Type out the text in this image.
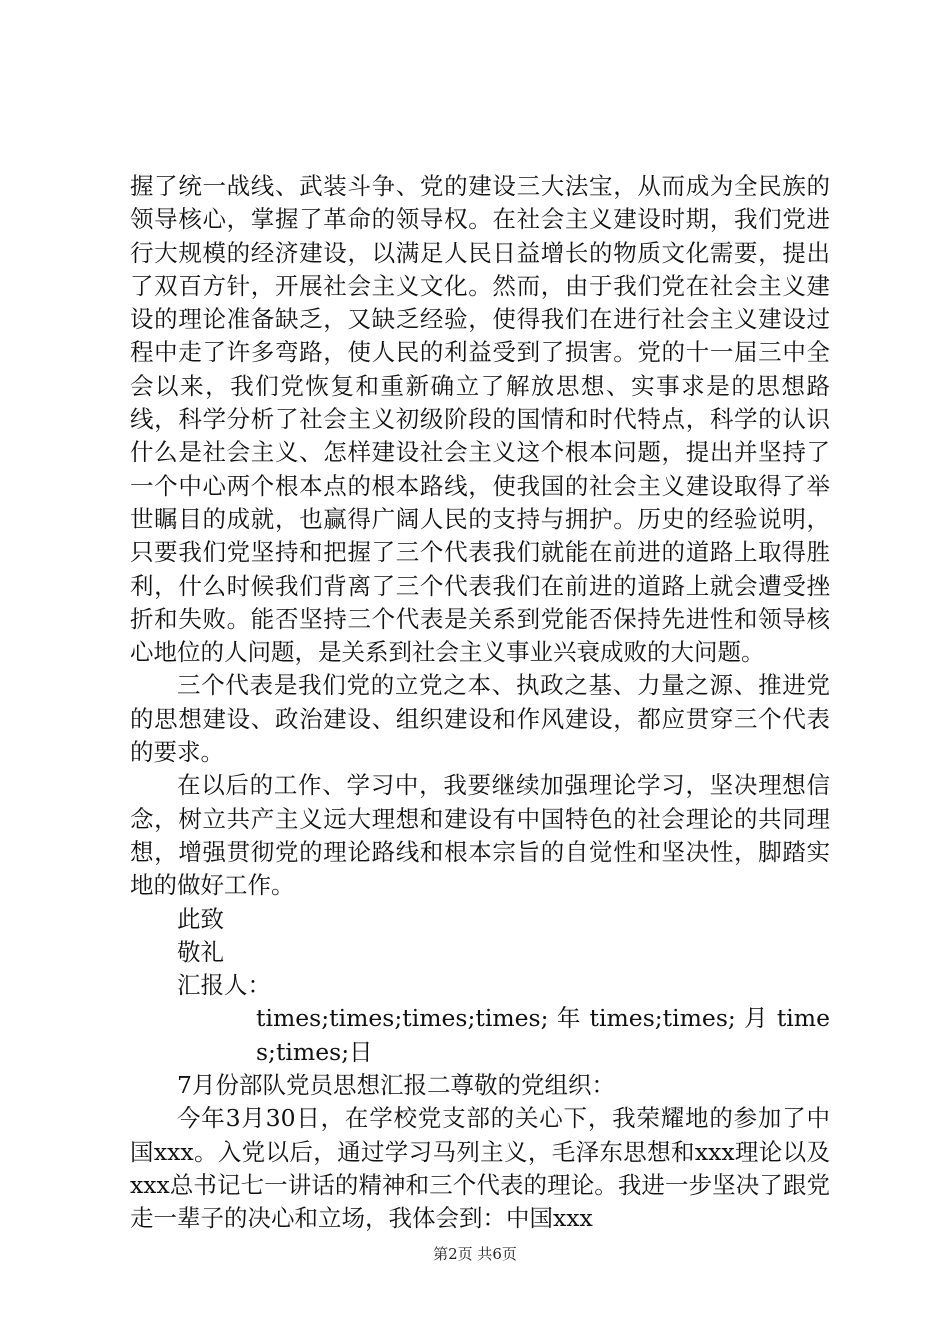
握了统一战线、武装斗争、党的建设三大法宝，从而成为全民族的领导核心，掌握了革命的领导权。在社会主义建设时期，我们党进行大规模的经济建设，以满足人民日益增长的物质文化需要，提出了双百方针，开展社会主义文化。然而，由于我们党在社会主义建设的理论准备缺乏，又缺乏经验，使得我们在进行社会主义建设过程中走了许多弯路，使人民的利益受到了损害。党的十一届三中全会以来，我们党恢复和重新确立了解放思想、实事求是的思想路线，科学分析了社会主义初级阶段的国情和时代特点，科学的认识什么是社会主义、怎样建设社会主义这个根本问题，提出并坚持了一个中心两个根本点的根本路线，使我国的社会主义建设取得了举世瞩目的成就，也赢得广阔人民的支持与拥护。历史的经验说明，只要我们党坚持和把握了三个代表我们就能在前进的道路上取得胜利，什么时候我们背离了三个代表我们在前进的道路上就会遭受挫折和失败。能否坚持三个代表是关系到党能否保持先进性和领导核心地位的人问题，是关系到社会主义事业兴衰成败的大问题。

三个代表是我们党的立党之本、执政之基、力量之源、推进党的思想建设、政治建设、组织建设和作风建设，都应贯穿三个代表的要求。

在以后的工作、学习中，我要继续加强理论学习，坚决理想信念，树立共产主义远大理想和建设有中国特色的社会理论的共同理想，增强贯彻党的理论路线和根本宗旨的自觉性和坚决性，脚踏实地的做好工作。

此致

敬礼

汇报人：

times;times;times;times; 年 times;times; 月 times;times;日

7月份部队党员思想汇报二尊敬的党组织：

今年3月30日，在学校党支部的关心下，我荣耀地的参加了中国xxx。入党以后，通过学习马列主义，毛泽东思想和xxx理论以及xxx总书记七一讲话的精神和三个代表的理论。我进一步坚决了跟党走一辈子的决心和立场，我体会到：中国xxx

第2页 共6页
